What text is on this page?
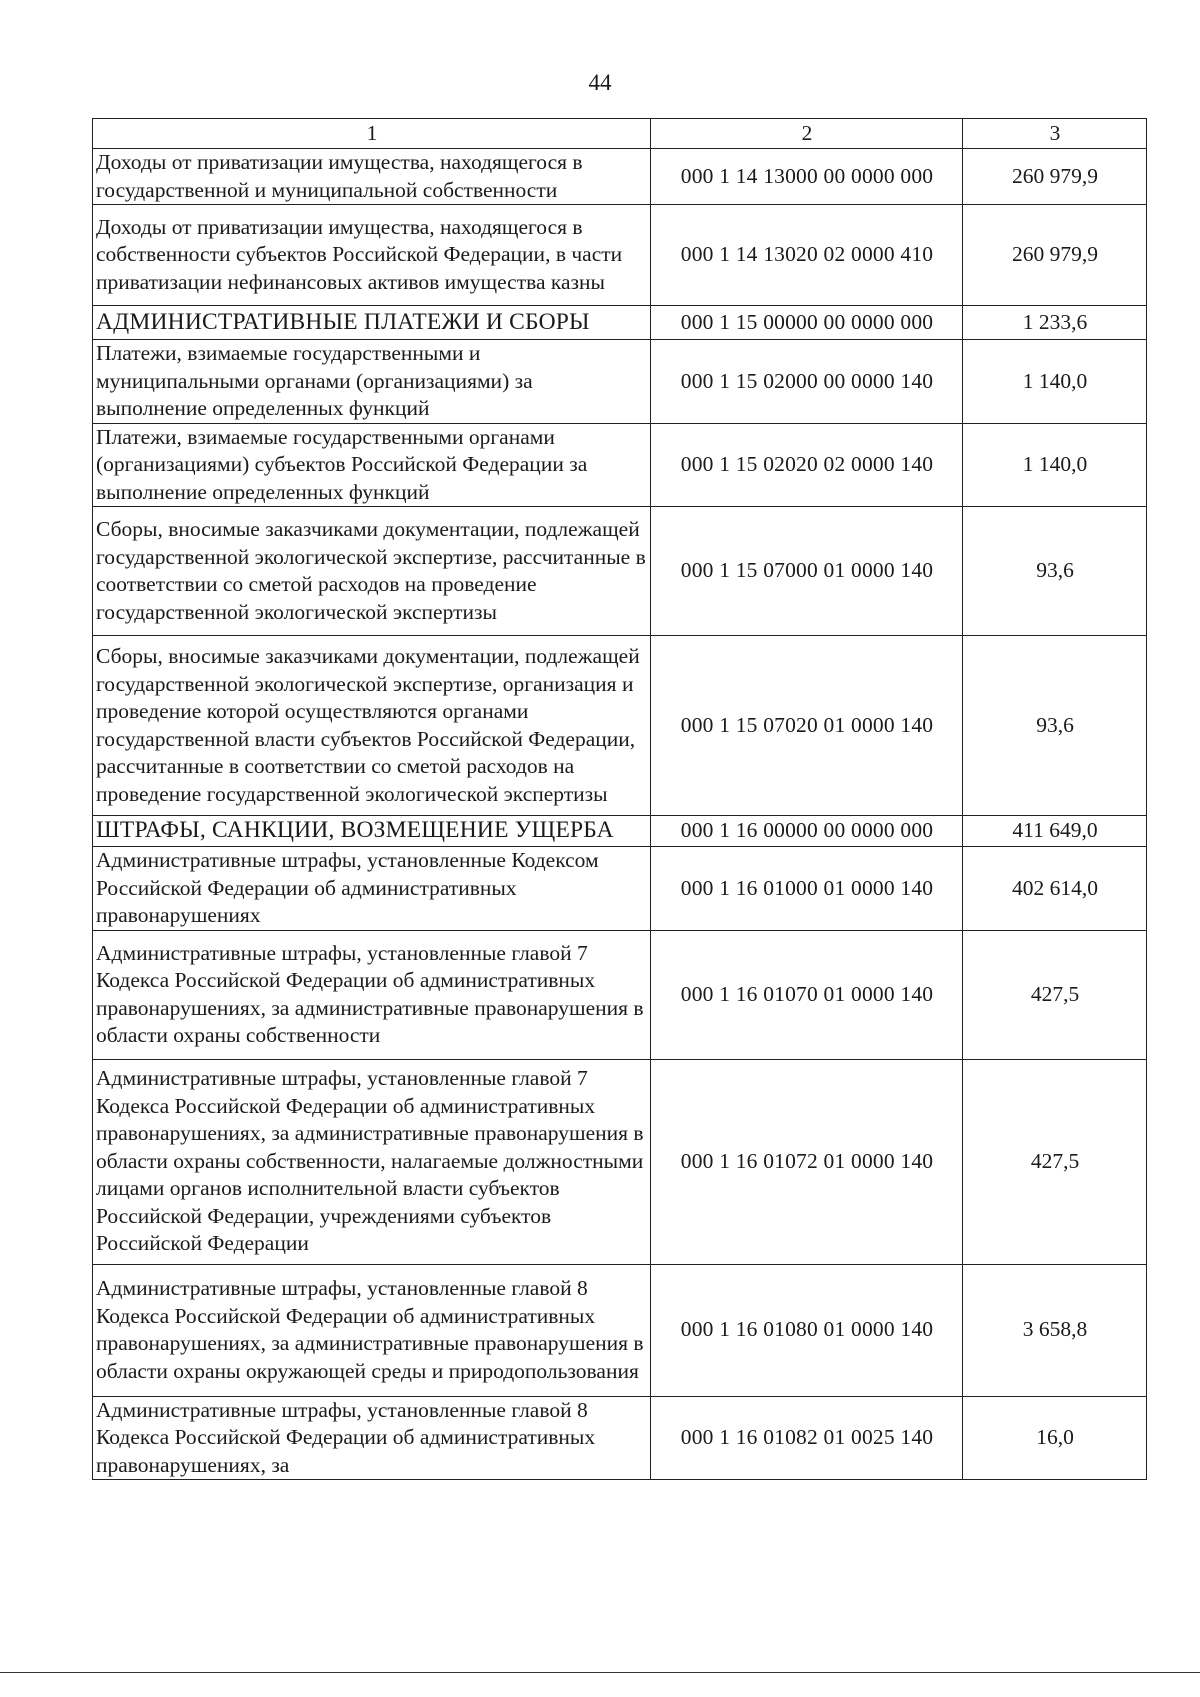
44
1	2	3
Доходы от приватизации имущества, находящегося в государственной и муниципальной собственности	000 1 14 13000 00 0000 000	260 979,9
Доходы от приватизации имущества, находящегося в собственности субъектов Российской Федерации, в части приватизации нефинансовых активов имущества казны	000 1 14 13020 02 0000 410	260 979,9
АДМИНИСТРАТИВНЫЕ ПЛАТЕЖИ И СБОРЫ	000 1 15 00000 00 0000 000	1 233,6
Платежи, взимаемые государственными и муниципальными органами (организациями) за выполнение определенных функций	000 1 15 02000 00 0000 140	1 140,0
Платежи, взимаемые государственными органами (организациями) субъектов Российской Федерации за выполнение определенных функций	000 1 15 02020 02 0000 140	1 140,0
Сборы, вносимые заказчиками документации, подлежащей государственной экологической экспертизе, рассчитанные в соответствии со сметой расходов на проведение государственной экологической экспертизы	000 1 15 07000 01 0000 140	93,6
Сборы, вносимые заказчиками документации, подлежащей государственной экологической экспертизе, организация и проведение которой осуществляются органами государственной власти субъектов Российской Федерации, рассчитанные в соответствии со сметой расходов на проведение государственной экологической экспертизы	000 1 15 07020 01 0000 140	93,6
ШТРАФЫ, САНКЦИИ, ВОЗМЕЩЕНИЕ УЩЕРБА	000 1 16 00000 00 0000 000	411 649,0
Административные штрафы, установленные Кодексом Российской Федерации об административных правонарушениях	000 1 16 01000 01 0000 140	402 614,0
Административные штрафы, установленные главой 7 Кодекса Российской Федерации об административных правонарушениях, за административные правонарушения в области охраны собственности	000 1 16 01070 01 0000 140	427,5
Административные штрафы, установленные главой 7 Кодекса Российской Федерации об административных правонарушениях, за административные правонарушения в области охраны собственности, налагаемые должностными лицами органов исполнительной власти субъектов Российской Федерации, учреждениями субъектов Российской Федерации	000 1 16 01072 01 0000 140	427,5
Административные штрафы, установленные главой 8 Кодекса Российской Федерации об административных правонарушениях, за административные правонарушения в области охраны окружающей среды и природопользования	000 1 16 01080 01 0000 140	3 658,8
Административные штрафы, установленные главой 8 Кодекса Российской Федерации об административных правонарушениях, за	000 1 16 01082 01 0025 140	16,0
